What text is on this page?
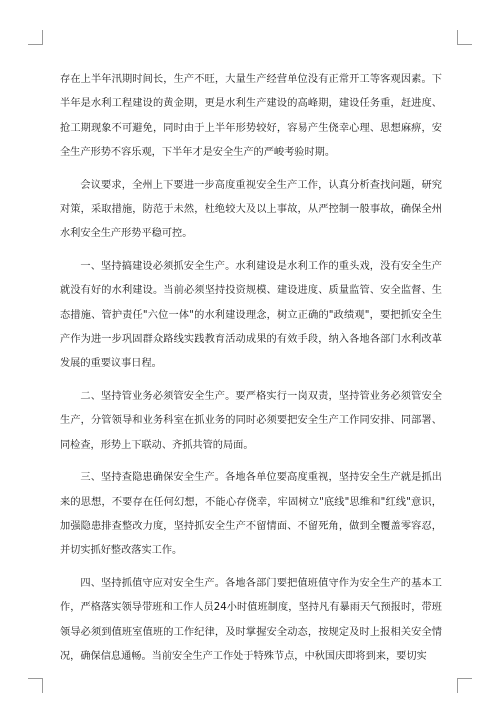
存在上半年汛期时间长，生产不旺，大量生产经营单位没有正常开工等客观因素。下半年是水利工程建设的黄金期，更是水利生产建设的高峰期，建设任务重，赶进度、抢工期现象不可避免，同时由于上半年形势较好，容易产生侥幸心理、思想麻痹，安全生产形势不容乐观，下半年才是安全生产的严峻考验时期。

会议要求，全州上下要进一步高度重视安全生产工作，认真分析查找问题，研究对策，采取措施，防范于未然，杜绝较大及以上事故，从严控制一般事故，确保全州水利安全生产形势平稳可控。

一、坚持搞建设必须抓安全生产。水利建设是水利工作的重头戏，没有安全生产就没有好的水利建设。当前必须坚持投资规模、建设进度、质量监管、安全监督、生态措施、管护责任"六位一体"的水利建设理念，树立正确的"政绩观"，要把抓安全生产作为进一步巩固群众路线实践教育活动成果的有效手段，纳入各地各部门水利改革发展的重要议事日程。

二、坚持管业务必须管安全生产。要严格实行一岗双责，坚持管业务必须管安全生产，分管领导和业务科室在抓业务的同时必须要把安全生产工作同安排、同部署、同检查，形势上下联动、齐抓共管的局面。

三、坚持查隐患确保安全生产。各地各单位要高度重视，坚持安全生产就是抓出来的思想，不要存在任何幻想，不能心存侥幸，牢固树立"底线"思维和"红线"意识，加强隐患排查整改力度，坚持抓安全生产不留情面、不留死角，做到全覆盖零容忍，并切实抓好整改落实工作。

四、坚持抓值守应对安全生产。各地各部门要把值班值守作为安全生产的基本工作，严格落实领导带班和工作人员24小时值班制度，坚持凡有暴雨天气预报时，带班领导必须到值班室值班的工作纪律，及时掌握安全动态，按规定及时上报相关安全情况，确保信息通畅。当前安全生产工作处于特殊节点，中秋国庆即将到来，要切实
